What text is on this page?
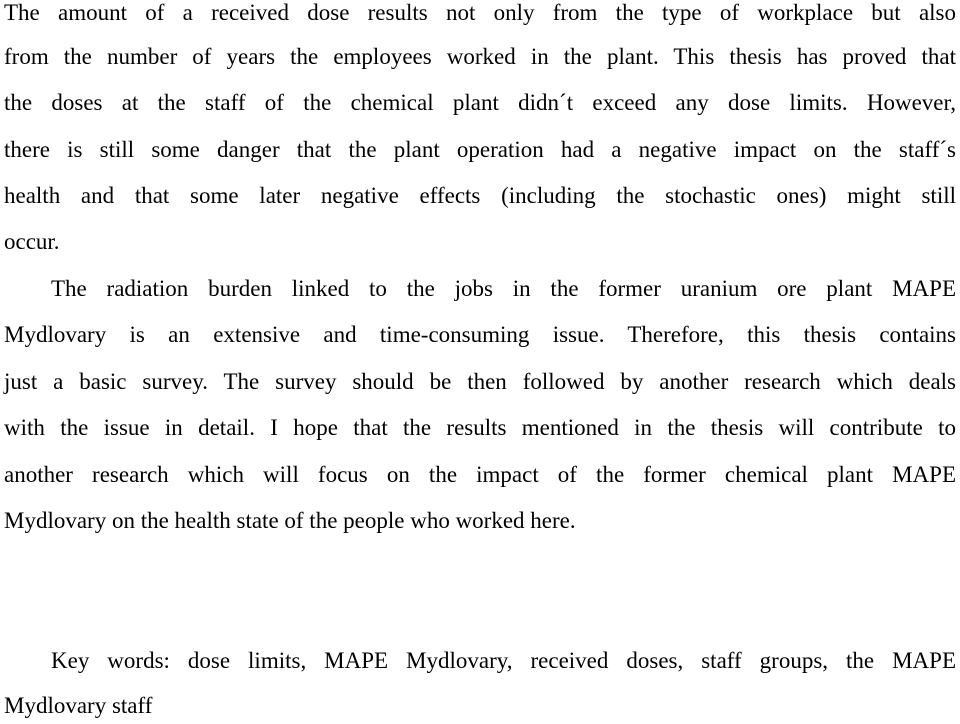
The amount of a received dose results not only from the type of workplace but also
from the number of years the employees worked in the plant. This thesis has proved that
the doses at the staff of the chemical plant didn´t exceed any dose limits. However,
there is still some danger that the plant operation had a negative impact on the staff´s
health and that some later negative effects (including the stochastic ones) might still
occur.
The radiation burden linked to the jobs in the former uranium ore plant MAPE
Mydlovary is an extensive and time-consuming issue. Therefore, this thesis contains
just a basic survey. The survey should be then followed by another research which deals
with the issue in detail. I hope that the results mentioned in the thesis will contribute to
another research which will focus on the impact of the former chemical plant MAPE
Mydlovary on the health state of the people who worked here.
Key words: dose limits, MAPE Mydlovary, received doses, staff groups, the MAPE
Mydlovary staff
